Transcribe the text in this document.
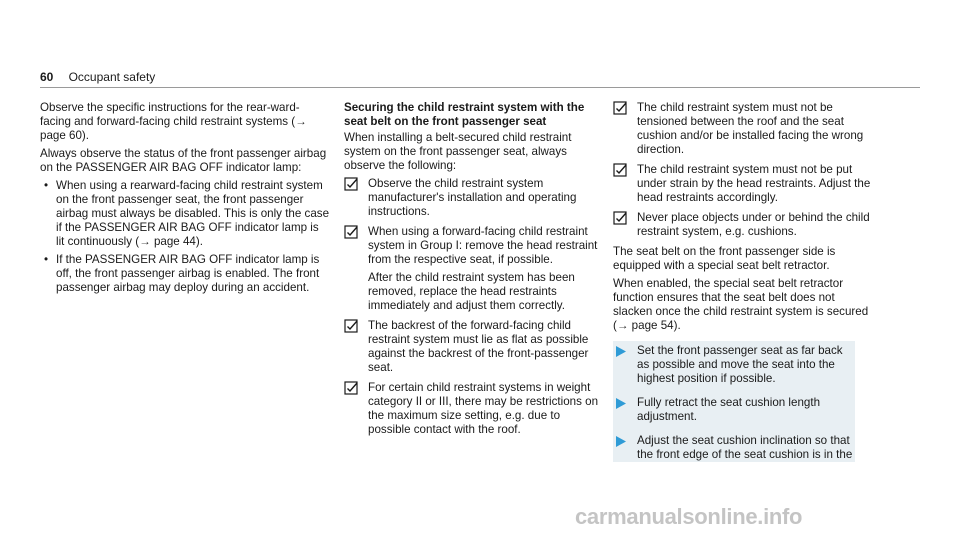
60 Occupant safety

Observe the specific instructions for the rear-ward-facing and forward-facing child restraint systems (→ page 60).

Always observe the status of the front passenger airbag on the PASSENGER AIR BAG OFF indicator lamp:

• When using a rearward-facing child restraint system on the front passenger seat, the front passenger airbag must always be disabled. This is only the case if the PASSENGER AIR BAG OFF indicator lamp is lit continuously (→ page 44).
• If the PASSENGER AIR BAG OFF indicator lamp is off, the front passenger airbag is enabled. The front passenger airbag may deploy during an accident.

Securing the child restraint system with the seat belt on the front passenger seat

When installing a belt-secured child restraint system on the front passenger seat, always observe the following:

Observe the child restraint system manufacturer's installation and operating instructions.
When using a forward-facing child restraint system in Group I: remove the head restraint from the respective seat, if possible.
After the child restraint system has been removed, replace the head restraints immediately and adjust them correctly.
The backrest of the forward-facing child restraint system must lie as flat as possible against the backrest of the front-passenger seat.
For certain child restraint systems in weight category II or III, there may be restrictions on the maximum size setting, e.g. due to possible contact with the roof.
The child restraint system must not be tensioned between the roof and the seat cushion and/or be installed facing the wrong direction.
The child restraint system must not be put under strain by the head restraints. Adjust the head restraints accordingly.
Never place objects under or behind the child restraint system, e.g. cushions.

The seat belt on the front passenger side is equipped with a special seat belt retractor.

When enabled, the special seat belt retractor function ensures that the seat belt does not slacken once the child restraint system is secured (→ page 54).

Set the front passenger seat as far back as possible and move the seat into the highest position if possible.
Fully retract the seat cushion length adjustment.
Adjust the seat cushion inclination so that the front edge of the seat cushion is in the
carmanualsonline.info
